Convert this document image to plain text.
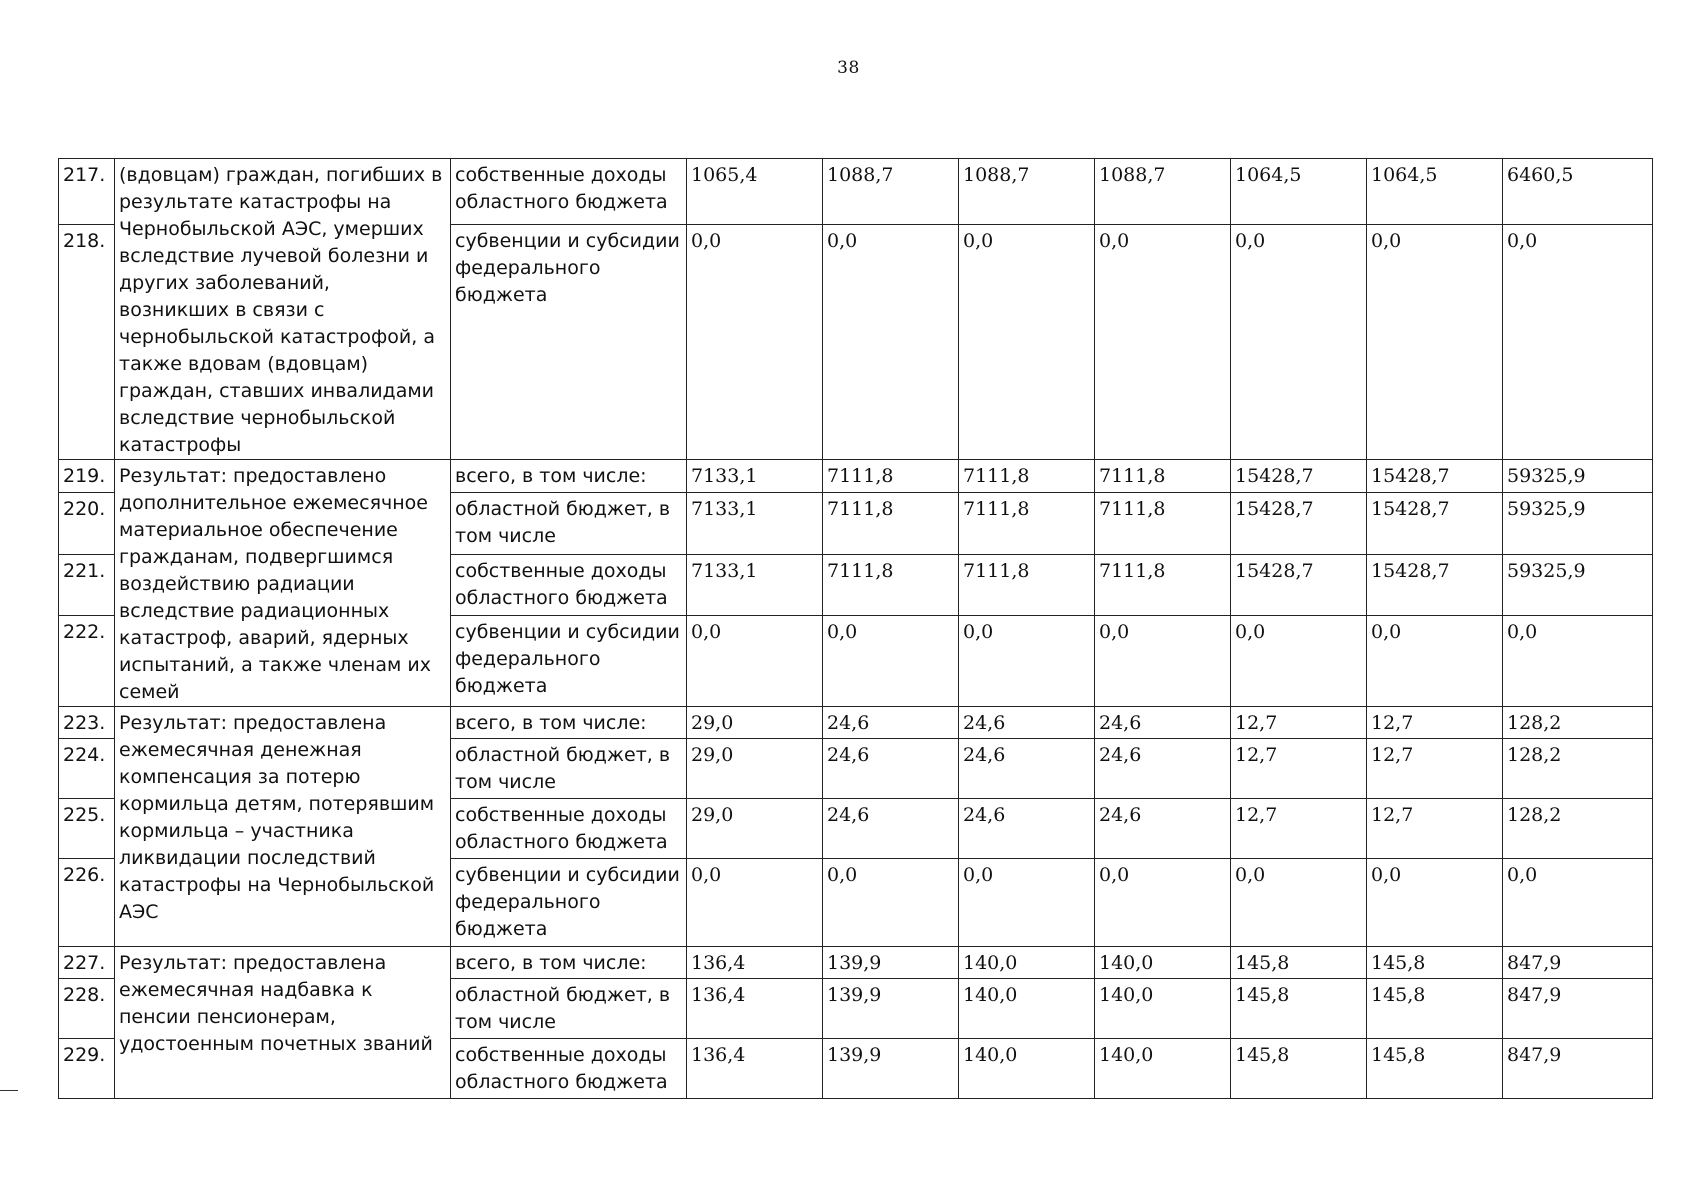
38
217.	(вдовцам) граждан, погибших в результате катастрофы на Чернобыльской АЭС, умерших вследствие лучевой болезни и других заболеваний, возникших в связи с чернобыльской катастрофой, а также вдовам (вдовцам) граждан, ставших инвалидами вследствие чернобыльской катастрофы	собственные доходы областного бюджета	1065,4	1088,7	1088,7	1088,7	1064,5	1064,5	6460,5
218.		субвенции и субсидии федерального бюджета	0,0	0,0	0,0	0,0	0,0	0,0	0,0
219.	Результат: предоставлено дополнительное ежемесячное материальное обеспечение гражданам, подвергшимся воздействию радиации вследствие радиационных катастроф, аварий, ядерных испытаний, а также членам их семей	всего, в том числе:	7133,1	7111,8	7111,8	7111,8	15428,7	15428,7	59325,9
220.		областной бюджет, в том числе	7133,1	7111,8	7111,8	7111,8	15428,7	15428,7	59325,9
221.		собственные доходы областного бюджета	7133,1	7111,8	7111,8	7111,8	15428,7	15428,7	59325,9
222.		субвенции и субсидии федерального бюджета	0,0	0,0	0,0	0,0	0,0	0,0	0,0
223.	Результат: предоставлена ежемесячная денежная компенсация за потерю кормильца детям, потерявшим кормильца – участника ликвидации последствий катастрофы на Чернобыльской АЭС	всего, в том числе:	29,0	24,6	24,6	24,6	12,7	12,7	128,2
224.		областной бюджет, в том числе	29,0	24,6	24,6	24,6	12,7	12,7	128,2
225.		собственные доходы областного бюджета	29,0	24,6	24,6	24,6	12,7	12,7	128,2
226.		субвенции и субсидии федерального бюджета	0,0	0,0	0,0	0,0	0,0	0,0	0,0
227.	Результат: предоставлена ежемесячная надбавка к пенсии пенсионерам, удостоенным почетных званий	всего, в том числе:	136,4	139,9	140,0	140,0	145,8	145,8	847,9
228.		областной бюджет, в том числе	136,4	139,9	140,0	140,0	145,8	145,8	847,9
229.		собственные доходы областного бюджета	136,4	139,9	140,0	140,0	145,8	145,8	847,9
